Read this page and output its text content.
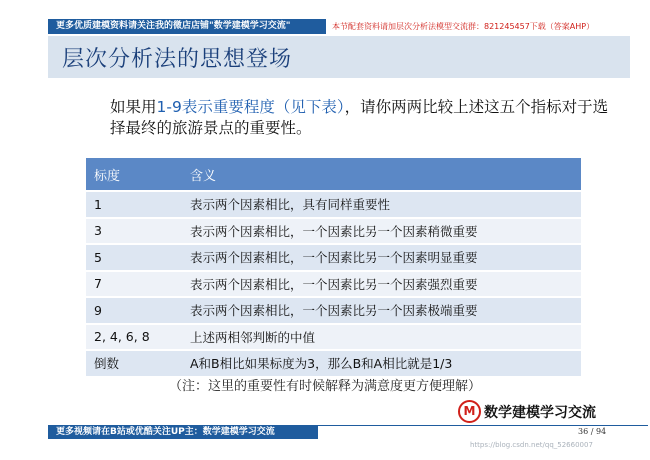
更多优质建模资料请关注我的微店店铺"数学建模学习交流"	本节配套资料请加层次分析法模型交流群：821245457下载（答案AHP）
层次分析法的思想登场
如果用1-9表示重要程度（见下表），请你两两比较上述这五个指标对于选择最终的旅游景点的重要性。
标度	含义
1	表示两个因素相比，具有同样重要性
3	表示两个因素相比，一个因素比另一个因素稍微重要
5	表示两个因素相比，一个因素比另一个因素明显重要
7	表示两个因素相比，一个因素比另一个因素强烈重要
9	表示两个因素相比，一个因素比另一个因素极端重要
2, 4, 6, 8	上述两相邻判断的中值
倒数	A和B相比如果标度为3，那么B和A相比就是1/3
（注：这里的重要性有时候解释为满意度更方便理解）
M 数学建模学习交流
更多视频请在B站或优酷关注UP主：数学建模学习交流	36 / 94
https://blog.csdn.net/qq_52660007
